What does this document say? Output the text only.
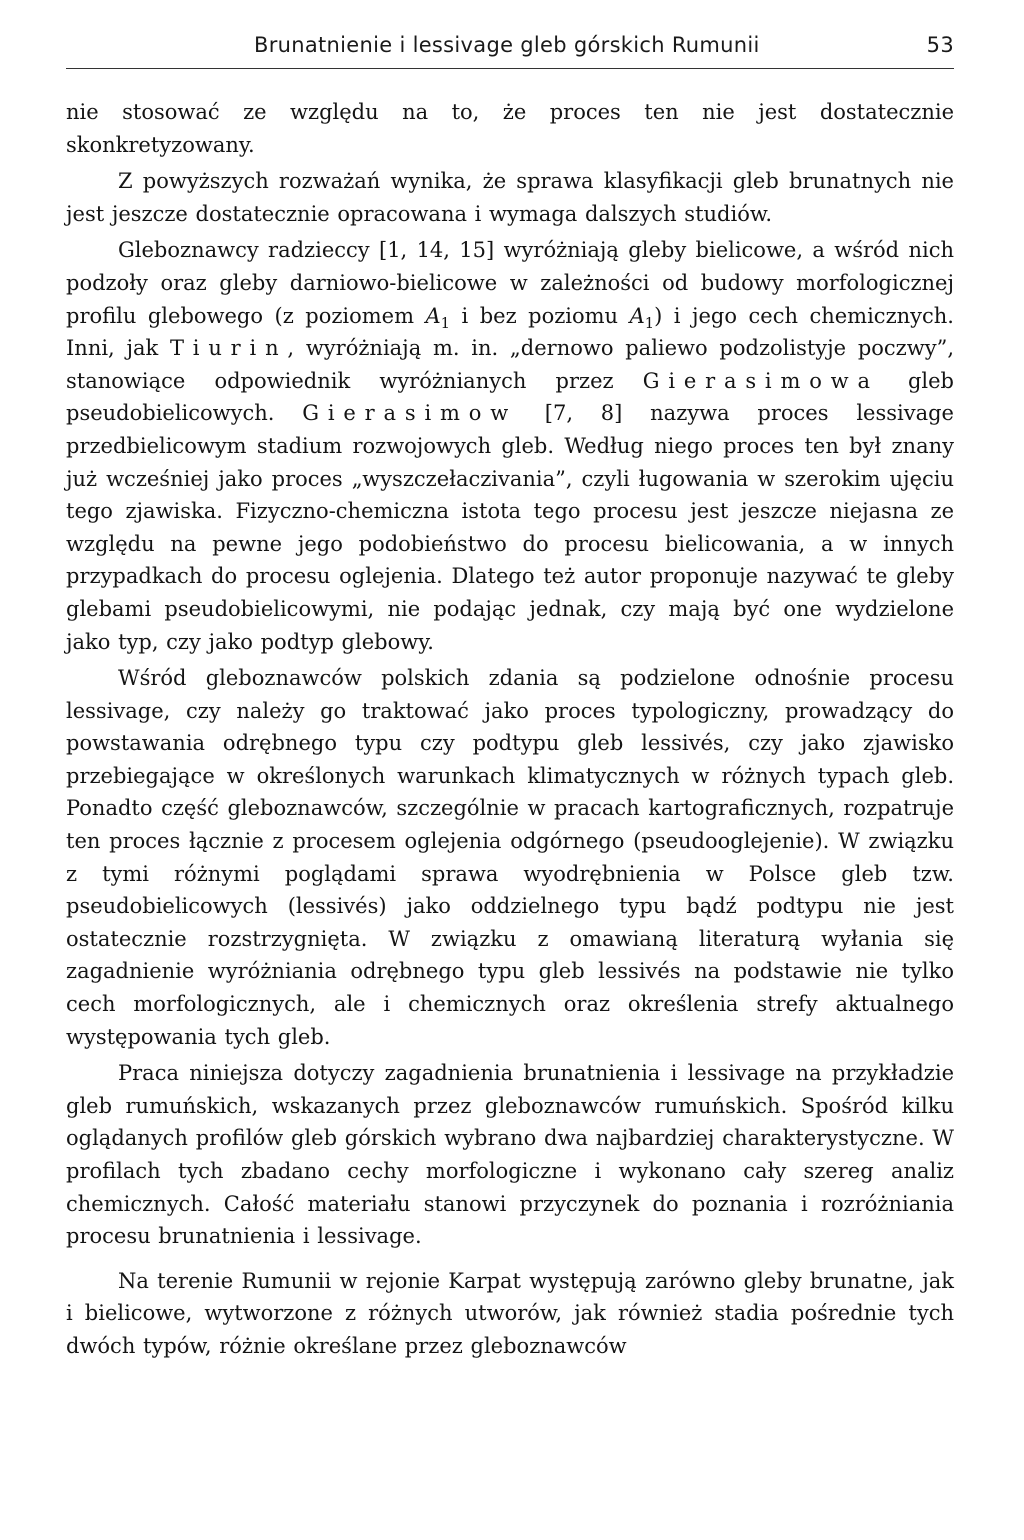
Brunatnienie i lessivage gleb górskich Rumunii	53

nie stosować ze względu na to, że proces ten nie jest dostatecznie skonkretyzowany.

Z powyższych rozważań wynika, że sprawa klasyfikacji gleb brunatnych nie jest jeszcze dostatecznie opracowana i wymaga dalszych studiów.

Gleboznawcy radzieccy [1, 14, 15] wyróżniają gleby bielicowe, a wśród nich podzoły oraz gleby darniowo-bielicowe w zależności od budowy morfologicznej profilu glebowego (z poziomem $A_1$ i bez poziomu $A_1$) i jego cech chemicznych. Inni, jak Tiurin, wyróżniają m. in. „dernowo paliewo podzolistyje poczwy”, stanowiące odpowiednik wyróżnianych przez Gierasimowa gleb pseudobielicowych. Gierasimow [7, 8] nazywa proces lessivage przedbielicowym stadium rozwojowych gleb. Według niego proces ten był znany już wcześniej jako proces „wyszczełaczivania”, czyli ługowania w szerokim ujęciu tego zjawiska. Fizyczno-chemiczna istota tego procesu jest jeszcze niejasna ze względu na pewne jego podobieństwo do procesu bielicowania, a w innych przypadkach do procesu oglejenia. Dlatego też autor proponuje nazywać te gleby glebami pseudobielicowymi, nie podając jednak, czy mają być one wydzielone jako typ, czy jako podtyp glebowy.

Wśród gleboznawców polskich zdania są podzielone odnośnie procesu lessivage, czy należy go traktować jako proces typologiczny, prowadzący do powstawania odrębnego typu czy podtypu gleb lessivés, czy jako zjawisko przebiegające w określonych warunkach klimatycznych w różnych typach gleb. Ponadto część gleboznawców, szczególnie w pracach kartograficznych, rozpatruje ten proces łącznie z procesem oglejenia odgórnego (pseudooglejenie). W związku z tymi różnymi poglądami sprawa wyodrębnienia w Polsce gleb tzw. pseudobielicowych (lessivés) jako oddzielnego typu bądź podtypu nie jest ostatecznie rozstrzygnięta. W związku z omawianą literaturą wyłania się zagadnienie wyróżniania odrębnego typu gleb lessivés na podstawie nie tylko cech morfologicznych, ale i chemicznych oraz określenia strefy aktualnego występowania tych gleb.

Praca niniejsza dotyczy zagadnienia brunatnienia i lessivage na przykładzie gleb rumuńskich, wskazanych przez gleboznawców rumuńskich. Spośród kilku oglądanych profilów gleb górskich wybrano dwa najbardziej charakterystyczne. W profilach tych zbadano cechy morfologiczne i wykonano cały szereg analiz chemicznych. Całość materiału stanowi przyczynek do poznania i rozróżniania procesu brunatnienia i lessivage.

Na terenie Rumunii w rejonie Karpat występują zarówno gleby brunatne, jak i bielicowe, wytworzone z różnych utworów, jak również stadia pośrednie tych dwóch typów, różnie określane przez gleboznawców
